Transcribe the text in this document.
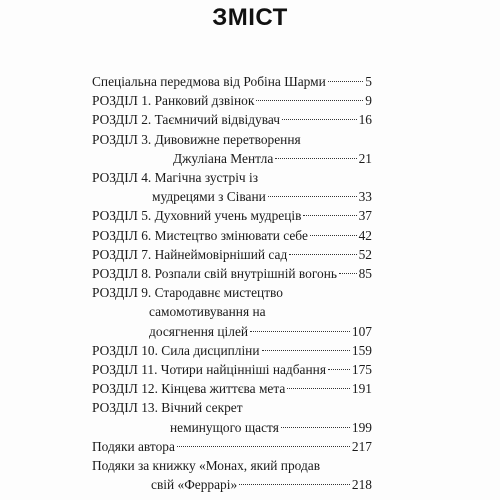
ЗМІСТ
Спеціальна передмова від Робіна Шарми	5
РОЗДІЛ 1. Ранковий дзвінок	9
РОЗДІЛ 2. Таємничий відвідувач	16
РОЗДІЛ 3. Дивовижне перетворення
Джуліана Ментла	21
РОЗДІЛ 4. Магічна зустріч із
мудрецями з Сівани	33
РОЗДІЛ 5. Духовний учень мудреців	37
РОЗДІЛ 6. Мистецтво змінювати себе	42
РОЗДІЛ 7. Найнеймовірніший сад	52
РОЗДІЛ 8. Розпали свій внутрішній вогонь 85
РОЗДІЛ 9. Стародавнє мистецтво
самомотивування на
досягнення цілей	107
РОЗДІЛ 10. Сила дисципліни	159
РОЗДІЛ 11. Чотири найцінніші надбання 175
РОЗДІЛ 12. Кінцева життєва мета	191
РОЗДІЛ 13. Вічний секрет
неминущого щастя	199
Подяки автора	217
Подяки за книжку «Монах, який продав
свій «Феррарі»	218
